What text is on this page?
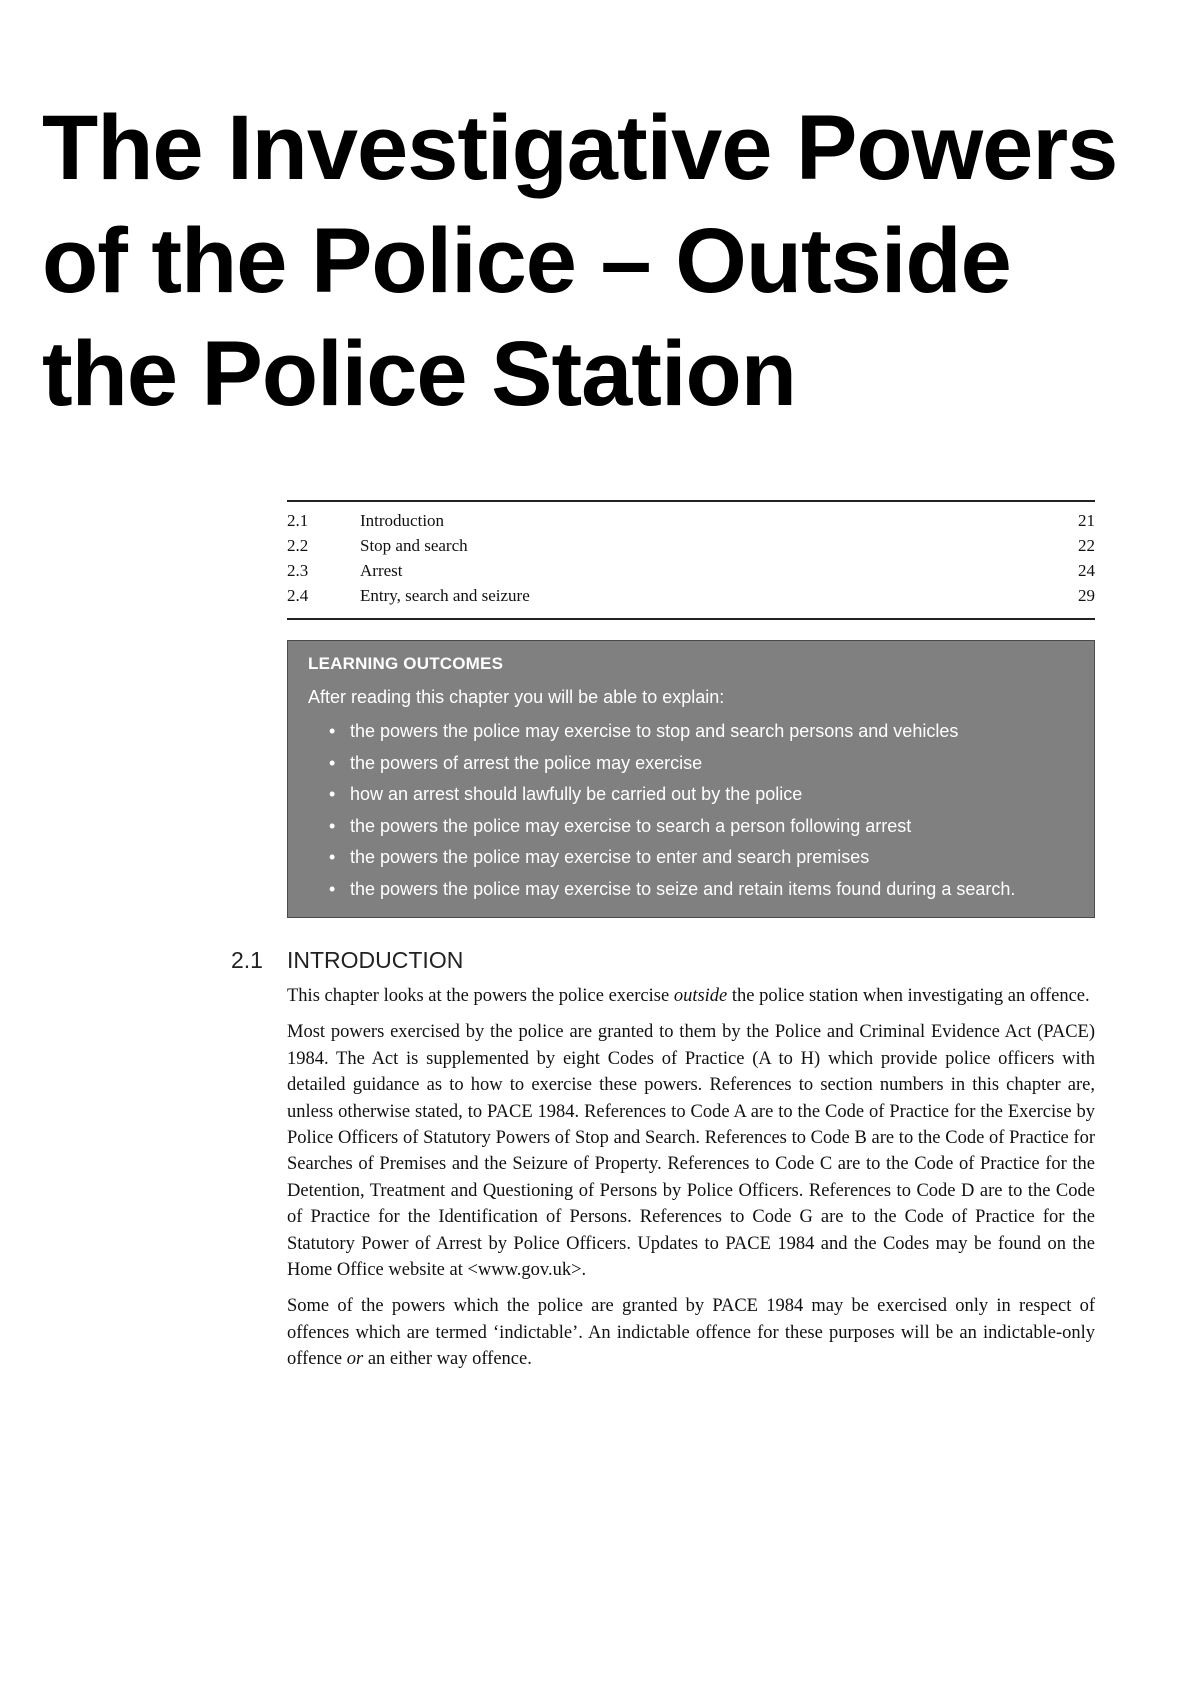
The Investigative Powers
of the Police – Outside
the Police Station
2.1	Introduction	21
2.2	Stop and search	22
2.3	Arrest	24
2.4	Entry, search and seizure	29
LEARNING OUTCOMES
After reading this chapter you will be able to explain:
• the powers the police may exercise to stop and search persons and vehicles
• the powers of arrest the police may exercise
• how an arrest should lawfully be carried out by the police
• the powers the police may exercise to search a person following arrest
• the powers the police may exercise to enter and search premises
• the powers the police may exercise to seize and retain items found during a search.
2.1 INTRODUCTION

This chapter looks at the powers the police exercise outside the police station when investigating an offence.

Most powers exercised by the police are granted to them by the Police and Criminal Evidence Act (PACE) 1984. The Act is supplemented by eight Codes of Practice (A to H) which provide police officers with detailed guidance as to how to exercise these powers. References to section numbers in this chapter are, unless otherwise stated, to PACE 1984. References to Code A are to the Code of Practice for the Exercise by Police Officers of Statutory Powers of Stop and Search. References to Code B are to the Code of Practice for Searches of Premises and the Seizure of Property. References to Code C are to the Code of Practice for the Detention, Treatment and Questioning of Persons by Police Officers. References to Code D are to the Code of Practice for the Identification of Persons. References to Code G are to the Code of Practice for the Statutory Power of Arrest by Police Officers. Updates to PACE 1984 and the Codes may be found on the Home Office website at <www.gov.uk>.

Some of the powers which the police are granted by PACE 1984 may be exercised only in respect of offences which are termed ‘indictable’. An indictable offence for these purposes will be an indictable-only offence or an either way offence.
